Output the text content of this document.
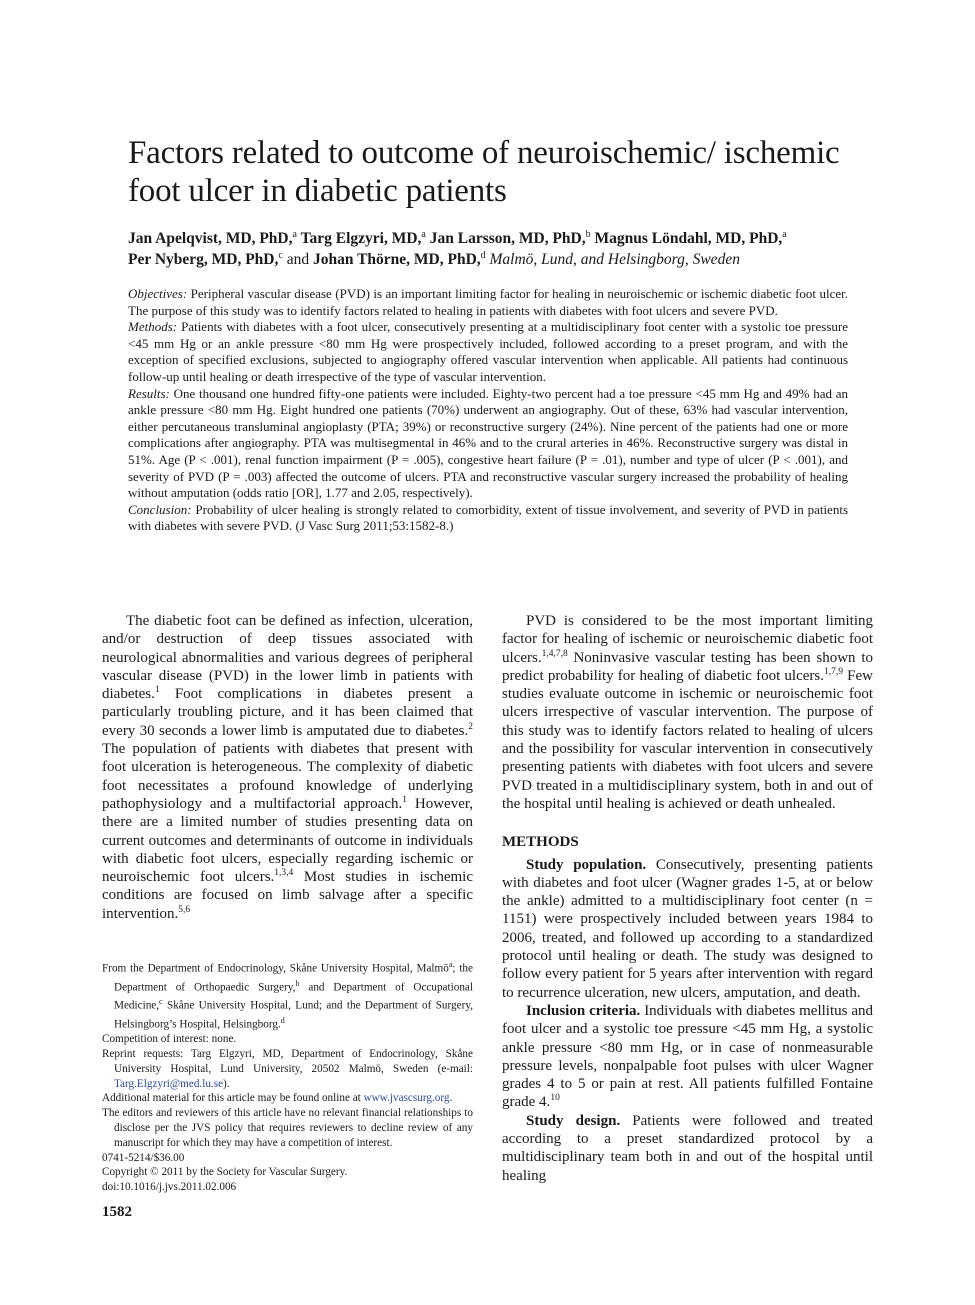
Factors related to outcome of neuroischemic/ ischemic foot ulcer in diabetic patients
Jan Apelqvist, MD, PhD,$^a$ Targ Elgzyri, MD,$^a$ Jan Larsson, MD, PhD,$^b$ Magnus Löndahl, MD, PhD,$^a$
Per Nyberg, MD, PhD,$^c$ and Johan Thörne, MD, PhD,$^d$ Malmö, Lund, and Helsingborg, Sweden

Objectives: Peripheral vascular disease (PVD) is an important limiting factor for healing in neuroischemic or ischemic diabetic foot ulcer. The purpose of this study was to identify factors related to healing in patients with diabetes with foot ulcers and severe PVD.

Methods: Patients with diabetes with a foot ulcer, consecutively presenting at a multidisciplinary foot center with a systolic toe pressure <45 mm Hg or an ankle pressure <80 mm Hg were prospectively included, followed according to a preset program, and with the exception of specified exclusions, subjected to angiography offered vascular intervention when applicable. All patients had continuous follow-up until healing or death irrespective of the type of vascular intervention.

Results: One thousand one hundred fifty-one patients were included. Eighty-two percent had a toe pressure <45 mm Hg and 49% had an ankle pressure <80 mm Hg. Eight hundred one patients (70%) underwent an angiography. Out of these, 63% had vascular intervention, either percutaneous transluminal angioplasty (PTA; 39%) or reconstructive surgery (24%). Nine percent of the patients had one or more complications after angiography. PTA was multisegmental in 46% and to the crural arteries in 46%. Reconstructive surgery was distal in 51%. Age (P < .001), renal function impairment (P = .005), congestive heart failure (P = .01), number and type of ulcer (P < .001), and severity of PVD (P = .003) affected the outcome of ulcers. PTA and reconstructive vascular surgery increased the probability of healing without amputation (odds ratio [OR], 1.77 and 2.05, respectively).

Conclusion: Probability of ulcer healing is strongly related to comorbidity, extent of tissue involvement, and severity of PVD in patients with diabetes with severe PVD. (J Vasc Surg 2011;53:1582-8.)

The diabetic foot can be defined as infection, ulceration, and/or destruction of deep tissues associated with neurological abnormalities and various degrees of peripheral vascular disease (PVD) in the lower limb in patients with diabetes.$^1$ Foot complications in diabetes present a particularly troubling picture, and it has been claimed that every 30 seconds a lower limb is amputated due to diabetes.$^2$ The population of patients with diabetes that present with foot ulceration is heterogeneous. The complexity of diabetic foot necessitates a profound knowledge of underlying pathophysiology and a multifactorial approach.$^1$ However, there are a limited number of studies presenting data on current outcomes and determinants of outcome in individuals with diabetic foot ulcers, especially regarding ischemic or neuroischemic foot ulcers.$^{1,3,4}$ Most studies in ischemic conditions are focused on limb salvage after a specific intervention.$^{5,6}$

From the Department of Endocrinology, Skåne University Hospital, Malmö$^a$; the Department of Orthopaedic Surgery,$^b$ and Department of Occupational Medicine,$^c$ Skåne University Hospital, Lund; and the Department of Surgery, Helsingborg’s Hospital, Helsingborg.$^d$

Competition of interest: none.

Reprint requests: Targ Elgzyri, MD, Department of Endocrinology, Skåne University Hospital, Lund University, 20502 Malmö, Sweden (e-mail: Targ.Elgzyri@med.lu.se).

Additional material for this article may be found online at www.jvascsurg.org.

The editors and reviewers of this article have no relevant financial relationships to disclose per the JVS policy that requires reviewers to decline review of any manuscript for which they may have a competition of interest.

0741-5214/$36.00

Copyright © 2011 by the Society for Vascular Surgery.

doi:10.1016/j.jvs.2011.02.006

PVD is considered to be the most important limiting factor for healing of ischemic or neuroischemic diabetic foot ulcers.$^{1,4,7,8}$ Noninvasive vascular testing has been shown to predict probability for healing of diabetic foot ulcers.$^{1,7,9}$ Few studies evaluate outcome in ischemic or neuroischemic foot ulcers irrespective of vascular intervention. The purpose of this study was to identify factors related to healing of ulcers and the possibility for vascular intervention in consecutively presenting patients with diabetes with foot ulcers and severe PVD treated in a multidisciplinary system, both in and out of the hospital until healing is achieved or death unhealed.

METHODS

Study population. Consecutively, presenting patients with diabetes and foot ulcer (Wagner grades 1-5, at or below the ankle) admitted to a multidisciplinary foot center (n = 1151) were prospectively included between years 1984 to 2006, treated, and followed up according to a standardized protocol until healing or death. The study was designed to follow every patient for 5 years after intervention with regard to recurrence ulceration, new ulcers, amputation, and death.

Inclusion criteria. Individuals with diabetes mellitus and foot ulcer and a systolic toe pressure <45 mm Hg, a systolic ankle pressure <80 mm Hg, or in case of nonmeasurable pressure levels, nonpalpable foot pulses with ulcer Wagner grades 4 to 5 or pain at rest. All patients fulfilled Fontaine grade 4.10

Study design. Patients were followed and treated according to a preset standardized protocol by a multidisciplinary team both in and out of the hospital until healing

1582
